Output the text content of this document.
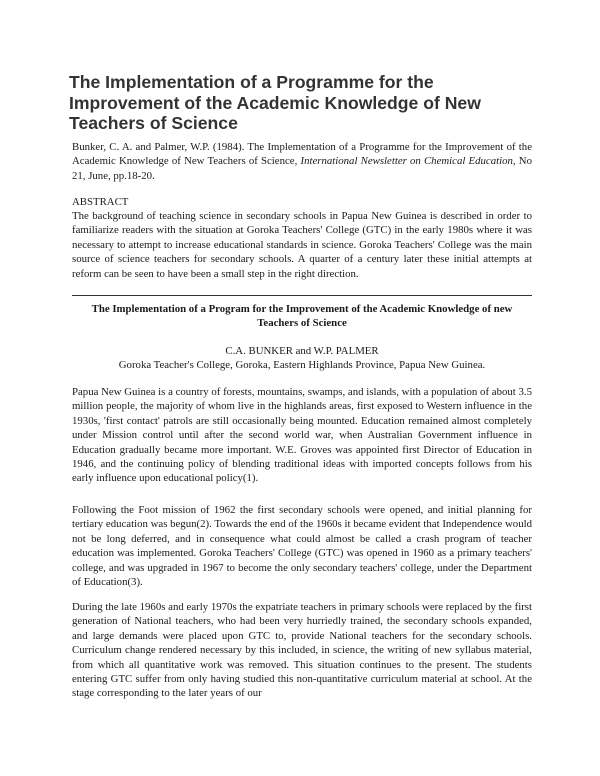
The Implementation of a Programme for the Improvement of the Academic Knowledge of New Teachers of Science

Bunker, C. A. and Palmer, W.P. (1984). The Implementation of a Programme for the Improvement of the Academic Knowledge of New Teachers of Science, International Newsletter on Chemical Education, No 21, June, pp.18-20.

ABSTRACT

The background of teaching science in secondary schools in Papua New Guinea is described in order to familiarize readers with the situation at Goroka Teachers' College (GTC) in the early 1980s where it was necessary to attempt to increase educational standards in science. Goroka Teachers' College was the main source of science teachers for secondary schools. A quarter of a century later these initial attempts at reform can be seen to have been a small step in the right direction.

The Implementation of a Program for the Improvement of the Academic Knowledge of new Teachers of Science

C.A. BUNKER and W.P. PALMER

Goroka Teacher's College, Goroka, Eastern Highlands Province, Papua New Guinea.

Papua New Guinea is a country of forests, mountains, swamps, and islands, with a population of about 3.5 million people, the majority of whom live in the highlands areas, first exposed to Western influence in the 1930s, 'first contact' patrols are still occasionally being mounted. Education remained almost completely under Mission control until after the second world war, when Australian Government influence in Education gradually became more important. W.E. Groves was appointed first Director of Education in 1946, and the continuing policy of blending traditional ideas with imported concepts follows from his early influence upon educational policy(1).

Following the Foot mission of 1962 the first secondary schools were opened, and initial planning for tertiary education was begun(2). Towards the end of the 1960s it became evident that Independence would not be long deferred, and in consequence what could almost be called a crash program of teacher education was implemented. Goroka Teachers' College (GTC) was opened in 1960 as a primary teachers' college, and was upgraded in 1967 to become the only secondary teachers' college, under the Department of Education(3).

During the late 1960s and early 1970s the expatriate teachers in primary schools were replaced by the first generation of National teachers, who had been very hurriedly trained, the secondary schools expanded, and large demands were placed upon GTC to, provide National teachers for the secondary schools. Curriculum change rendered necessary by this included, in science, the writing of new syllabus material, from which all quantitative work was removed. This situation continues to the present. The students entering GTC suffer from only having studied this non-quantitative curriculum material at school. At the stage corresponding to the later years of our
